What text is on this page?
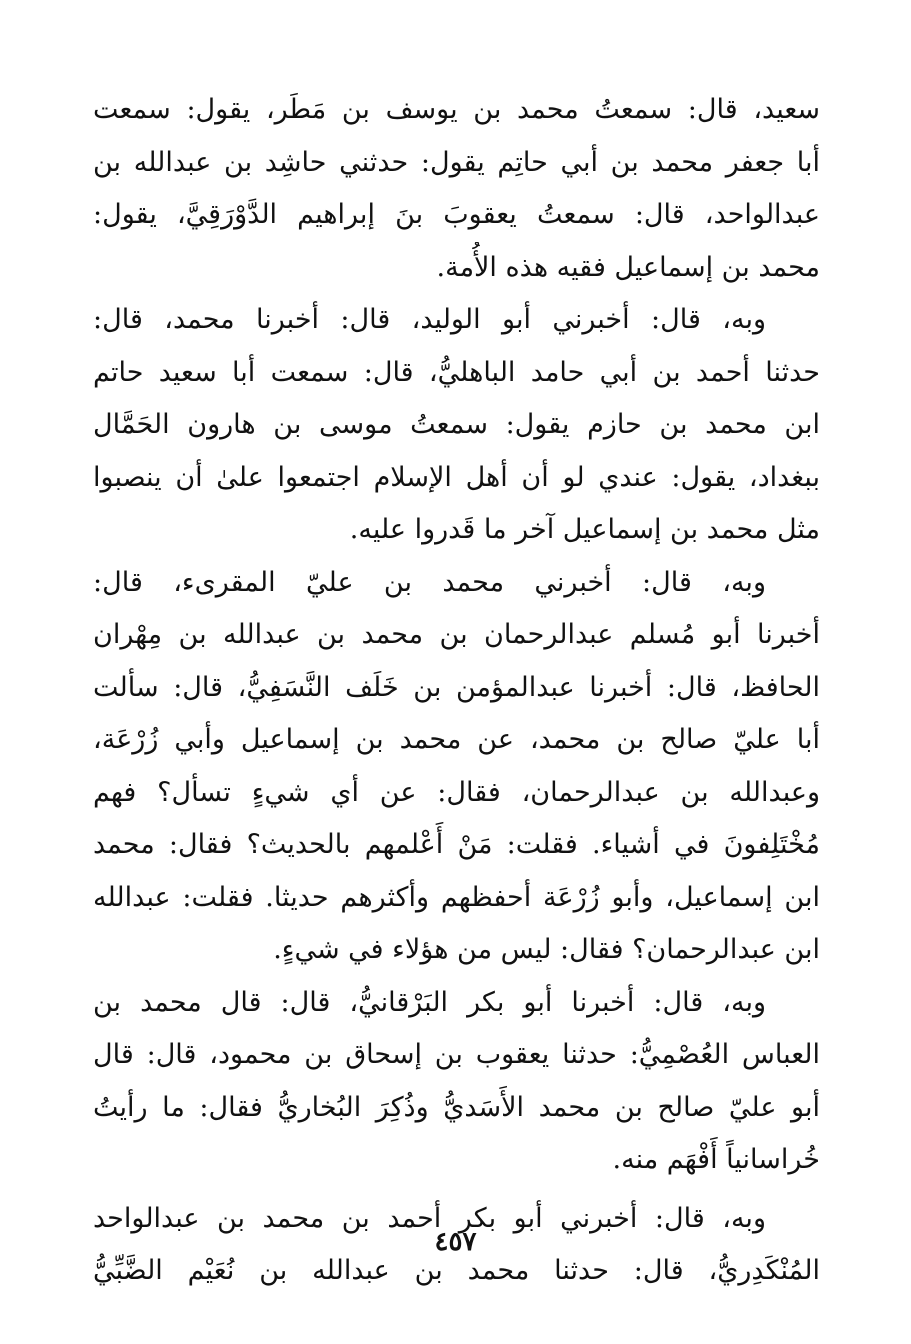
سعيد، قال: سمعتُ محمد بن يوسف بن مَطَر، يقول: سمعت
أبا جعفر محمد بن أبي حاتِم يقول: حدثني حاشِد بن عبدالله بن
عبدالواحد، قال: سمعتُ يعقوبَ بنَ إبراهيم الدَّوْرَقِيَّ، يقول:
محمد بن إسماعيل فقيه هذه الأُمة.
وبه، قال: أخبرني أبو الوليد، قال: أخبرنا محمد، قال:
حدثنا أحمد بن أبي حامد الباهليُّ، قال: سمعت أبا سعيد حاتم
ابن محمد بن حازم يقول: سمعتُ موسى بن هارون الحَمَّال
ببغداد، يقول: عندي لو أن أهل الإسلام اجتمعوا علىٰ أن ينصبوا
مثل محمد بن إسماعيل آخر ما قَدروا عليه.
وبه، قال: أخبرني محمد بن عليّ المقرىء، قال:
أخبرنا أبو مُسلم عبدالرحمان بن محمد بن عبدالله بن مِهْران
الحافظ، قال: أخبرنا عبدالمؤمن بن خَلَف النَّسَفِيُّ، قال: سألت
أبا عليّ صالح بن محمد، عن محمد بن إسماعيل وأبي زُرْعَة،
وعبدالله بن عبدالرحمان، فقال: عن أي شيءٍ تسأل؟ فهم
مُخْتَلِفونَ في أشياء. فقلت: مَنْ أَعْلمهم بالحديث؟ فقال: محمد
ابن إسماعيل، وأبو زُرْعَة أحفظهم وأكثرهم حديثا. فقلت: عبدالله
ابن عبدالرحمان؟ فقال: ليس من هؤلاء في شيءٍ.
وبه، قال: أخبرنا أبو بكر البَرْقانيُّ، قال: قال محمد بن
العباس العُصْمِيُّ: حدثنا يعقوب بن إسحاق بن محمود، قال: قال
أبو عليّ صالح بن محمد الأَسَديُّ وذُكِرَ البُخاريُّ فقال: ما رأيتُ
خُراسانياً أَفْهَم منه.
وبه، قال: أخبرني أبو بكر أحمد بن محمد بن عبدالواحد
المُنْكَدِريُّ، قال: حدثنا محمد بن عبدالله بن نُعَيْم الضَّبِّيُّ
٤٥٧
